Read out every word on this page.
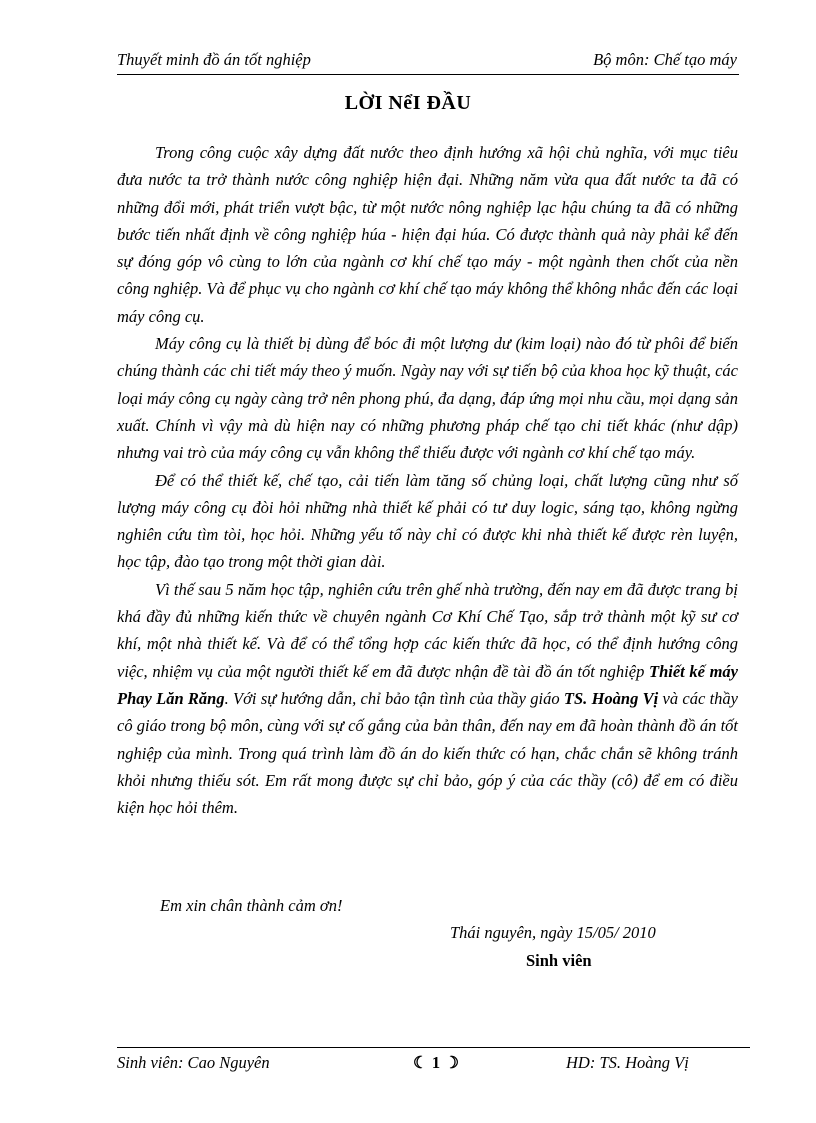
Thuyết minh đồ án tốt nghiệp	Bộ môn: Chế tạo máy
LỜI NểI ĐẦU

Trong công cuộc xây dựng đất nước theo định hướng xã hội chủ nghĩa, với mục tiêu đưa nước ta trở thành nước công nghiệp hiện đại. Những năm vừa qua đất nước ta đã có những đổi mới, phát triển vượt bậc, từ một nước nông nghiệp lạc hậu chúng ta đã có những bước tiến nhất định về công nghiệp húa - hiện đại húa. Có được thành quả này phải kể đến sự đóng góp vô cùng to lớn của ngành cơ khí chế tạo máy - một ngành then chốt của nền công nghiệp. Và để phục vụ cho ngành cơ khí chế tạo máy không thể không nhắc đến các loại máy công cụ.

Máy công cụ là thiết bị dùng để bóc đi một lượng dư (kim loại) nào đó từ phôi để biến chúng thành các chi tiết máy theo ý muốn. Ngày nay với sự tiến bộ của khoa học kỹ thuật, các loại máy công cụ ngày càng trở nên phong phú, đa dạng, đáp ứng mọi nhu cầu, mọi dạng sản xuất. Chính vì vậy mà dù hiện nay có những phương pháp chế tạo chi tiết khác (như dập) nhưng vai trò của máy công cụ vẫn không thể thiếu được với ngành cơ khí chế tạo máy.

Để có thể thiết kế, chế tạo, cải tiến làm tăng số chủng loại, chất lượng cũng như số lượng máy công cụ đòi hỏi những nhà thiết kế phải có tư duy logic, sáng tạo, không ngừng nghiên cứu tìm tòi, học hỏi. Những yếu tố này chỉ có được khi nhà thiết kế được rèn luyện, học tập, đào tạo trong một thời gian dài.

Vì thế sau 5 năm học tập, nghiên cứu trên ghế nhà trường, đến nay em đã được trang bị khá đầy đủ những kiến thức về chuyên ngành Cơ Khí Chế Tạo, sắp trở thành một kỹ sư cơ khí, một nhà thiết kế. Và để có thể tổng hợp các kiến thức đã học, có thể định hướng công việc, nhiệm vụ của một người thiết kế em đã được nhận đề tài đồ án tốt nghiệp Thiết kế máy Phay Lăn Răng. Với sự hướng dẫn, chỉ bảo tận tình của thầy giáo TS. Hoàng Vị và các thầy cô giáo trong bộ môn, cùng với sự cố gắng của bản thân, đến nay em đã hoàn thành đồ án tốt nghiệp của mình. Trong quá trình làm đồ án do kiến thức có hạn, chắc chắn sẽ không tránh khỏi nhưng thiếu sót. Em rất mong được sự chỉ bảo, góp ý của các thầy (cô) để em có điều kiện học hỏi thêm.

Em xin chân thành cảm ơn!
Thái nguyên, ngày 15/05/ 2010
Sinh viên
Sinh viên: Cao Nguyên	☾ 1 ☽	HD: TS. Hoàng Vị
